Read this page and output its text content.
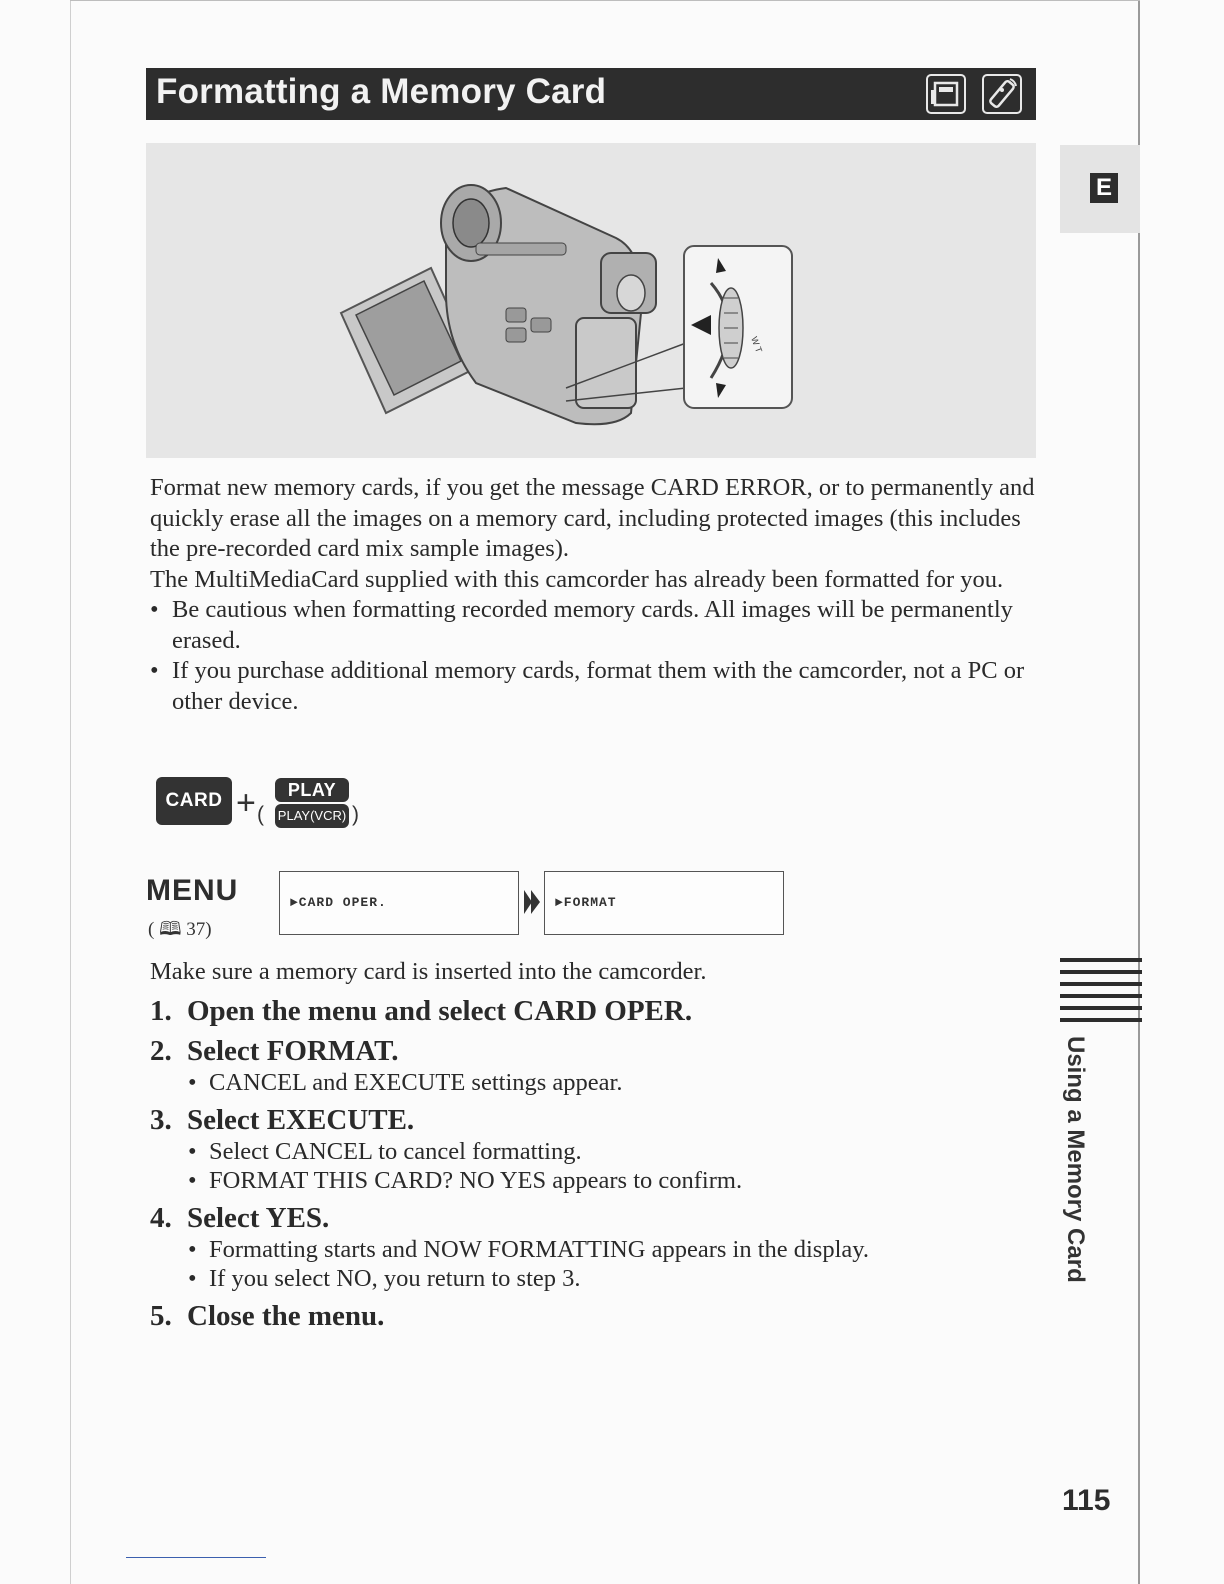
Formatting a Memory Card
E
W T

Format new memory cards, if you get the message CARD ERROR, or to permanently and quickly erase all the images on a memory card, including protected images (this includes the pre-recorded card mix sample images).

The MultiMediaCard supplied with this camcorder has already been formatted for you.

• Be cautious when formatting recorded memory cards. All images will be permanently erased.

• If you purchase additional memory cards, format them with the camcorder, not a PC or other device.

CARD + (
PLAY
PLAY(VCR) )
MENU
( 🕮 37)
►CARD OPER.	►FORMAT

Make sure a memory card is inserted into the camcorder.

1. Open the menu and select CARD OPER.

2. Select FORMAT.

• CANCEL and EXECUTE settings appear.

3. Select EXECUTE.

• Select CANCEL to cancel formatting.

• FORMAT THIS CARD? NO YES appears to confirm.

4. Select YES.

• Formatting starts and NOW FORMATTING appears in the display.

• If you select NO, you return to step 3.

5. Close the menu.

Using a Memory Card
115
